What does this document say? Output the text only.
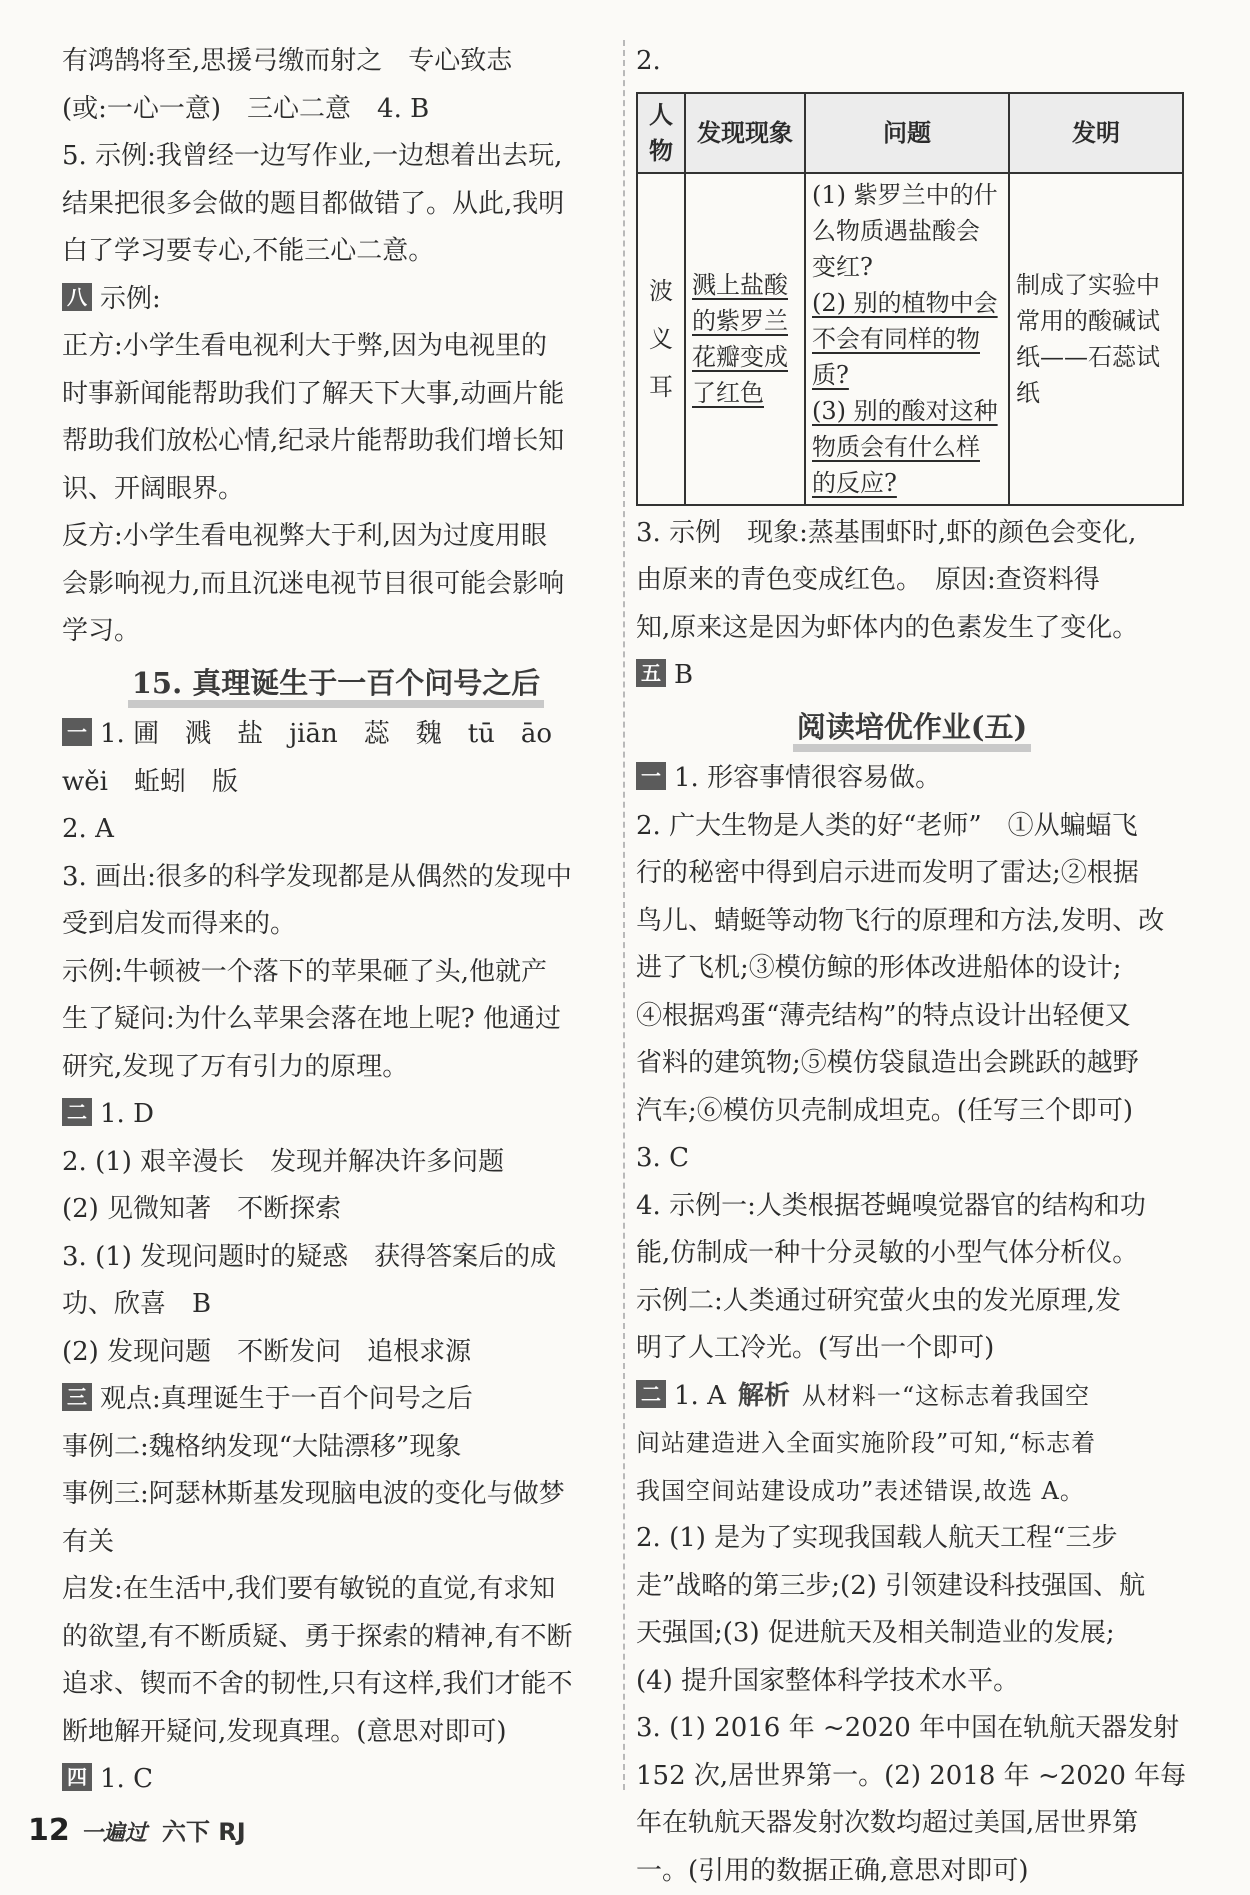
有鸿鹄将至,思援弓缴而射之　专心致志

(或:一心一意)　三心二意　4. B

5. 示例:我曾经一边写作业,一边想着出去玩,

结果把很多会做的题目都做错了。从此,我明

白了学习要专心,不能三心二意。

八 示例:

正方:小学生看电视利大于弊,因为电视里的

时事新闻能帮助我们了解天下大事,动画片能

帮助我们放松心情,纪录片能帮助我们增长知

识、开阔眼界。

反方:小学生看电视弊大于利,因为过度用眼

会影响视力,而且沉迷电视节目很可能会影响

学习。

15. 真理诞生于一百个问号之后

一 1. 圃　溅　盐　jiān　蕊　魏　tū　āo

wěi　蚯蚓　版

2. A

3. 画出:很多的科学发现都是从偶然的发现中

受到启发而得来的。

示例:牛顿被一个落下的苹果砸了头,他就产

生了疑问:为什么苹果会落在地上呢? 他通过

研究,发现了万有引力的原理。

二 1. D

2. (1) 艰辛漫长　发现并解决许多问题

(2) 见微知著　不断探索

3. (1) 发现问题时的疑惑　获得答案后的成

功、欣喜　B

(2) 发现问题　不断发问　追根求源

三 观点:真理诞生于一百个问号之后

事例二:魏格纳发现“大陆漂移”现象

事例三:阿瑟林斯基发现脑电波的变化与做梦

有关

启发:在生活中,我们要有敏锐的直觉,有求知

的欲望,有不断质疑、勇于探索的精神,有不断

追求、锲而不舍的韧性,只有这样,我们才能不

断地解开疑问,发现真理。(意思对即可)

四 1. C

2.

人物	发现现象	问题	发明
波义耳	溅上盐酸的紫罗兰花瓣变成了红色	(1) 紫罗兰中的什么物质遇盐酸会变红?
(2) 别的植物中会不会有同样的物质?
(3) 别的酸对这种物质会有什么样的反应?	制成了实验中常用的酸碱试纸——石蕊试纸

3. 示例　现象:蒸基围虾时,虾的颜色会变化,

由原来的青色变成红色。　原因:查资料得

知,原来这是因为虾体内的色素发生了变化。

五 B

阅读培优作业(五)

一 1. 形容事情很容易做。

2. 广大生物是人类的好“老师”　①从蝙蝠飞

行的秘密中得到启示进而发明了雷达;②根据

鸟儿、蜻蜓等动物飞行的原理和方法,发明、改

进了飞机;③模仿鲸的形体改进船体的设计;

④根据鸡蛋“薄壳结构”的特点设计出轻便又

省料的建筑物;⑤模仿袋鼠造出会跳跃的越野

汽车;⑥模仿贝壳制成坦克。(任写三个即可)

3. C

4. 示例一:人类根据苍蝇嗅觉器官的结构和功

能,仿制成一种十分灵敏的小型气体分析仪。

示例二:人类通过研究萤火虫的发光原理,发

明了人工冷光。(写出一个即可)

二 1. A 解析 从材料一“这标志着我国空

间站建造进入全面实施阶段”可知,“标志着

我国空间站建设成功”表述错误,故选 A。

2. (1) 是为了实现我国载人航天工程“三步

走”战略的第三步;(2) 引领建设科技强国、航

天强国;(3) 促进航天及相关制造业的发展;

(4) 提升国家整体科学技术水平。

3. (1) 2016 年 ~2020 年中国在轨航天器发射

152 次,居世界第一。(2) 2018 年 ~2020 年每

年在轨航天器发射次数均超过美国,居世界第

一。(引用的数据正确,意思对即可)

12 一遍过 六下 RJ
